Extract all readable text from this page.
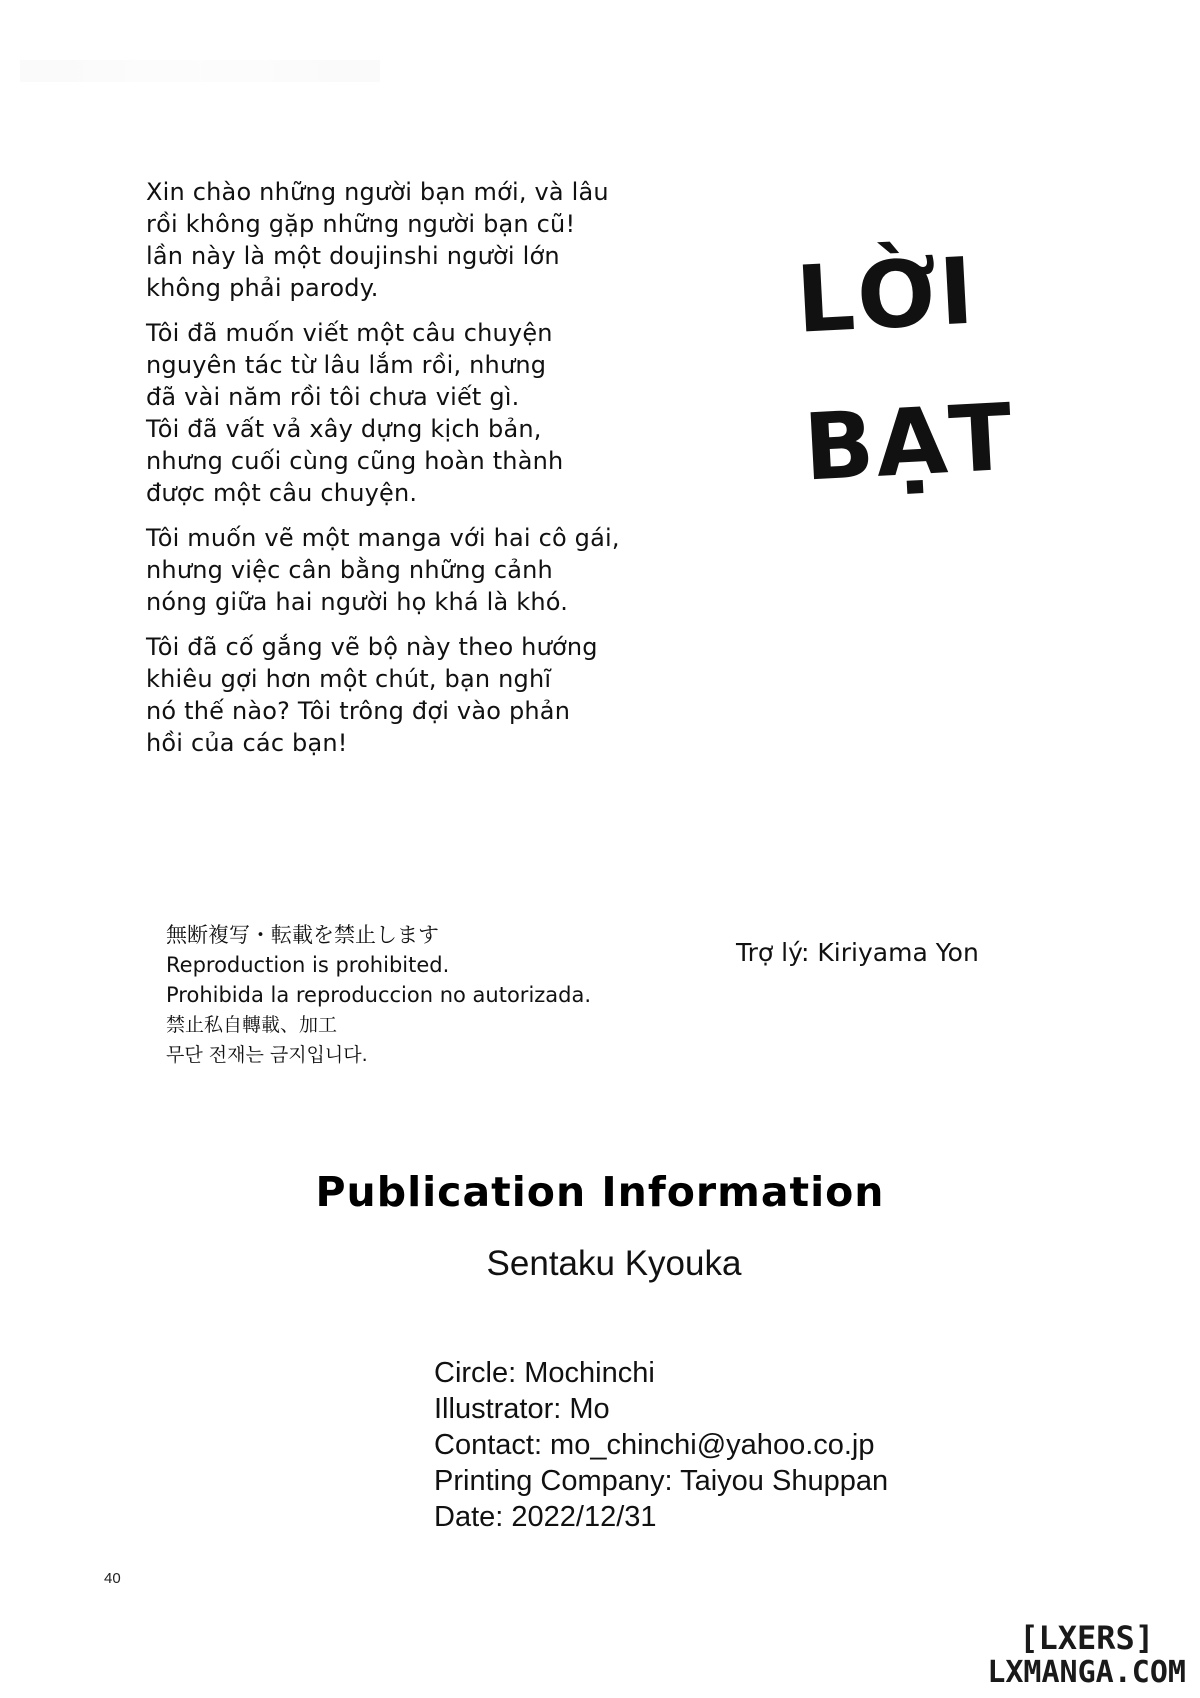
Xin chào những người bạn mới, và lâu
rồi không gặp những người bạn cũ!
lần này là một doujinshi người lớn
không phải parody.
Tôi đã muốn viết một câu chuyện
nguyên tác từ lâu lắm rồi, nhưng
đã vài năm rồi tôi chưa viết gì.
Tôi đã vất vả xây dựng kịch bản,
nhưng cuối cùng cũng hoàn thành
được một câu chuyện.
Tôi muốn vẽ một manga với hai cô gái,
nhưng việc cân bằng những cảnh
nóng giữa hai người họ khá là khó.
Tôi đã cố gắng vẽ bộ này theo hướng
khiêu gợi hơn một chút, bạn nghĩ
nó thế nào? Tôi trông đợi vào phản
hồi của các bạn!
LỜI
BẠT
無断複写・転載を禁止します
Reproduction is prohibited.
Prohibida la reproduccion no autorizada.
禁止私自轉載、加工
무단 전재는 금지입니다.
Trợ lý: Kiriyama Yon
Publication Information
Sentaku Kyouka
Circle: Mochinchi
Illustrator: Mo
Contact: mo_chinchi@yahoo.co.jp
Printing Company: Taiyou Shuppan
Date: 2022/12/31
40
[LXERS]
LXMANGA.COM
